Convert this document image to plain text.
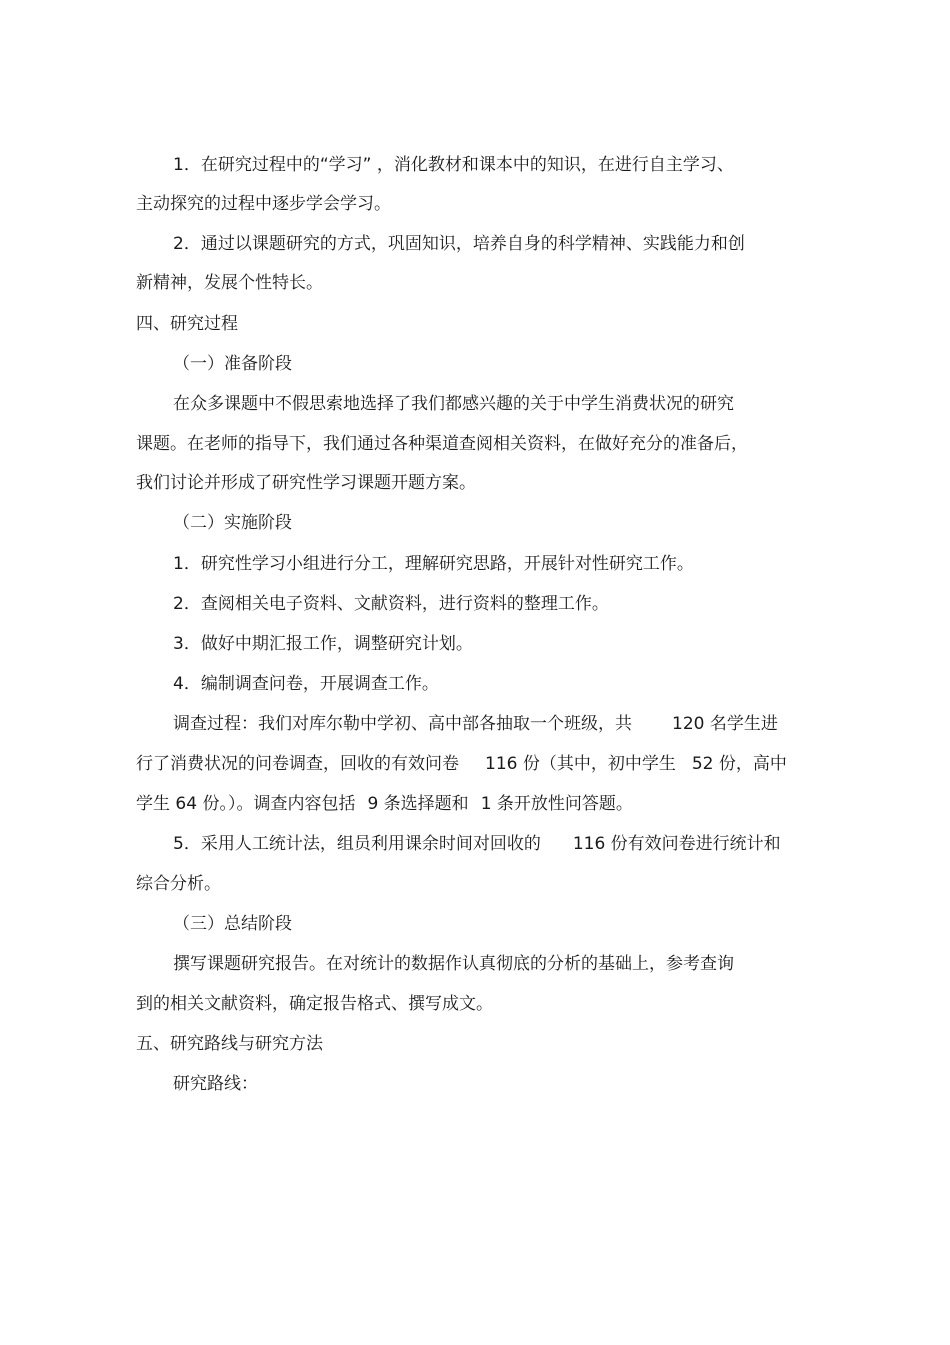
1．在研究过程中的“学习” ，消化教材和课本中的知识，在进行自主学习、
主动探究的过程中逐步学会学习。
2．通过以课题研究的方式，巩固知识，培养自身的科学精神、实践能力和创
新精神，发展个性特长。
四、研究过程
（一）准备阶段
在众多课题中不假思索地选择了我们都感兴趣的关于中学生消费状况的研究
课题。在老师的指导下，我们通过各种渠道查阅相关资料，在做好充分的准备后，
我们讨论并形成了研究性学习课题开题方案。
（二）实施阶段
1．研究性学习小组进行分工，理解研究思路，开展针对性研究工作。
2．查阅相关电子资料、文献资料，进行资料的整理工作。
3．做好中期汇报工作，调整研究计划。
4．编制调查问卷，开展调查工作。
调查过程：我们对库尔勒中学初、高中部各抽取一个班级，共 120 名学生进
行了消费状况的问卷调查，回收的有效问卷 116 份（其中，初中学生 52 份，高中
学生 64 份。）。调查内容包括 9 条选择题和 1 条开放性问答题。
5．采用人工统计法，组员利用课余时间对回收的 116 份有效问卷进行统计和
综合分析。
（三）总结阶段
撰写课题研究报告。在对统计的数据作认真彻底的分析的基础上，参考查询
到的相关文献资料，确定报告格式、撰写成文。
五、研究路线与研究方法
研究路线：
